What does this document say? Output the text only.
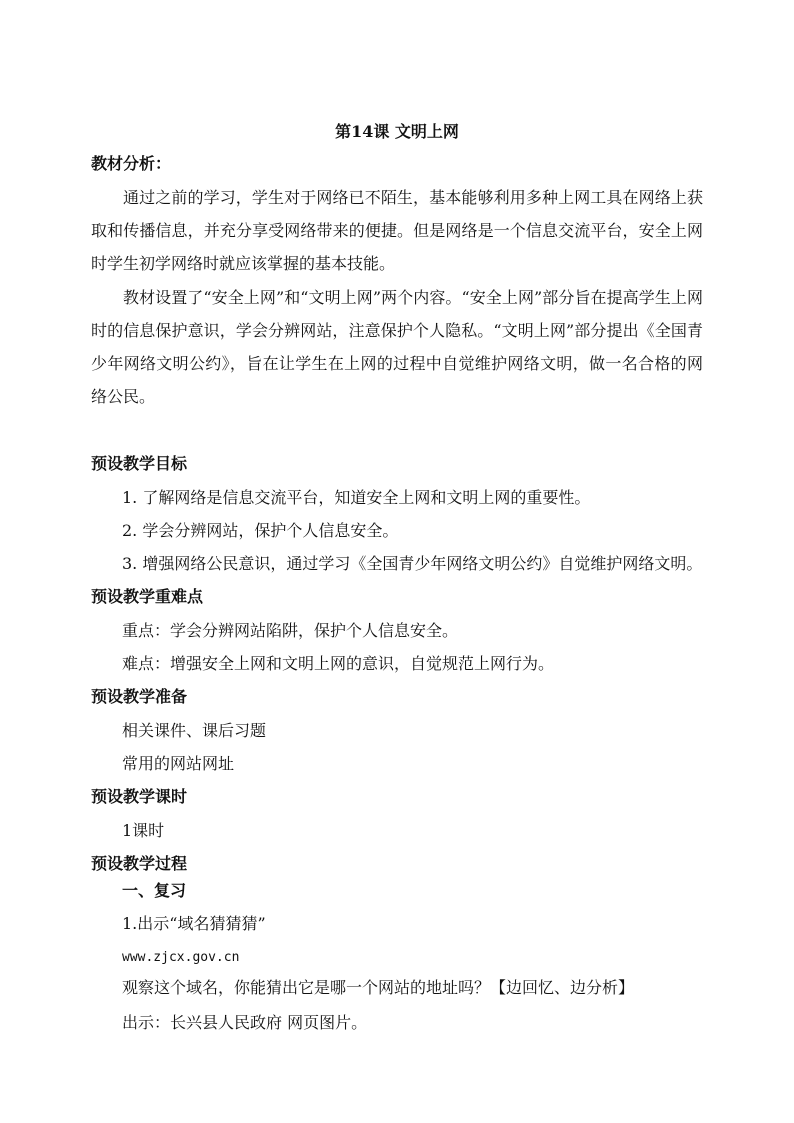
第14课 文明上网
教材分析：
通过之前的学习，学生对于网络已不陌生，基本能够利用多种上网工具在网络上获取和传播信息，并充分享受网络带来的便捷。但是网络是一个信息交流平台，安全上网时学生初学网络时就应该掌握的基本技能。
教材设置了“安全上网”和“文明上网”两个内容。“安全上网”部分旨在提高学生上网时的信息保护意识，学会分辨网站，注意保护个人隐私。“文明上网”部分提出《全国青少年网络文明公约》，旨在让学生在上网的过程中自觉维护网络文明，做一名合格的网络公民。
预设教学目标
1. 了解网络是信息交流平台，知道安全上网和文明上网的重要性。
2. 学会分辨网站，保护个人信息安全。
3. 增强网络公民意识，通过学习《全国青少年网络文明公约》自觉维护网络文明。
预设教学重难点
重点：学会分辨网站陷阱，保护个人信息安全。
难点：增强安全上网和文明上网的意识，自觉规范上网行为。
预设教学准备
相关课件、课后习题
常用的网站网址
预设教学课时
1课时
预设教学过程
一、复习
1.出示“域名猜猜猜”
www.zjcx.gov.cn
观察这个域名，你能猜出它是哪一个网站的地址吗？【边回忆、边分析】
出示：长兴县人民政府 网页图片。
